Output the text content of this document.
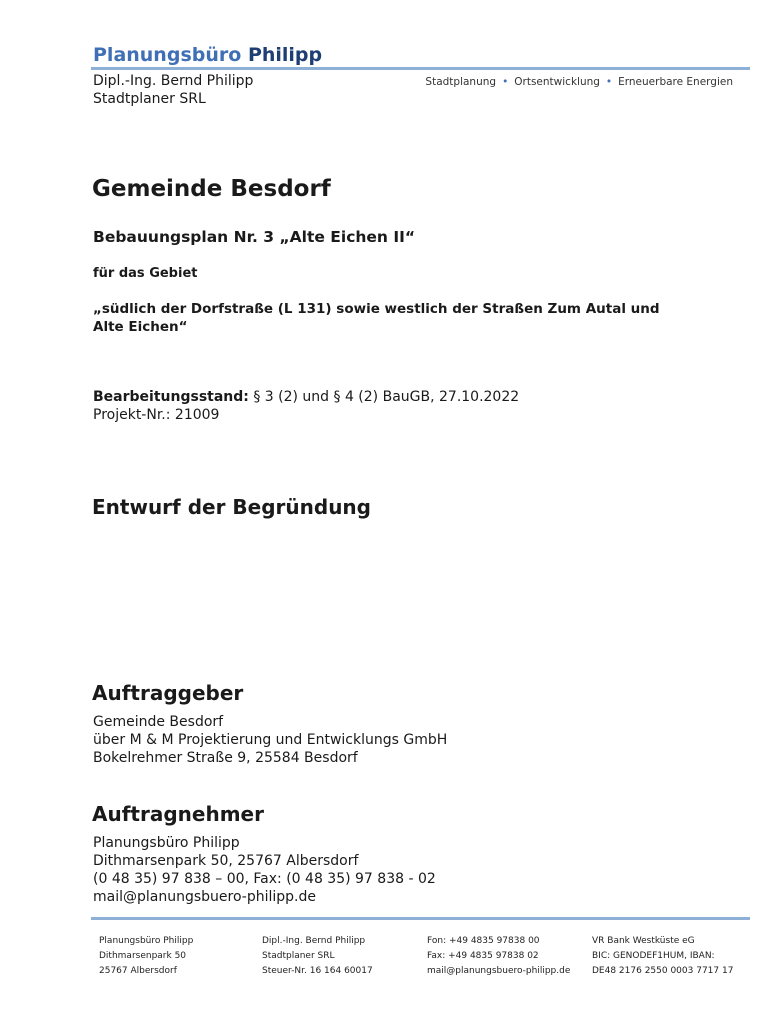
Planungsbüro Philipp
Dipl.-Ing. Bernd Philipp
Stadtplaner SRL
Stadtplanung • Ortsentwicklung • Erneuerbare Energien
Gemeinde Besdorf
Bebauungsplan Nr. 3 „Alte Eichen II“
für das Gebiet
„südlich der Dorfstraße (L 131) sowie westlich der Straßen Zum Autal und Alte Eichen“
Bearbeitungsstand: § 3 (2) und § 4 (2) BauGB, 27.10.2022
Projekt-Nr.: 21009
Entwurf der Begründung
Auftraggeber
Gemeinde Besdorf
über M & M Projektierung und Entwicklungs GmbH
Bokelrehmer Straße 9, 25584 Besdorf
Auftragnehmer
Planungsbüro Philipp
Dithmarsenpark 50, 25767 Albersdorf
(0 48 35) 97 838 – 00, Fax: (0 48 35) 97 838 - 02
mail@planungsbuero-philipp.de
Planungsbüro Philipp
Dithmarsenpark 50
25767 Albersdorf
Dipl.-Ing. Bernd Philipp
Stadtplaner SRL
Steuer-Nr. 16 164 60017
Fon: +49 4835 97838 00
Fax: +49 4835 97838 02
mail@planungsbuero-philipp.de
VR Bank Westküste eG
BIC: GENODEF1HUM, IBAN:
DE48 2176 2550 0003 7717 17
